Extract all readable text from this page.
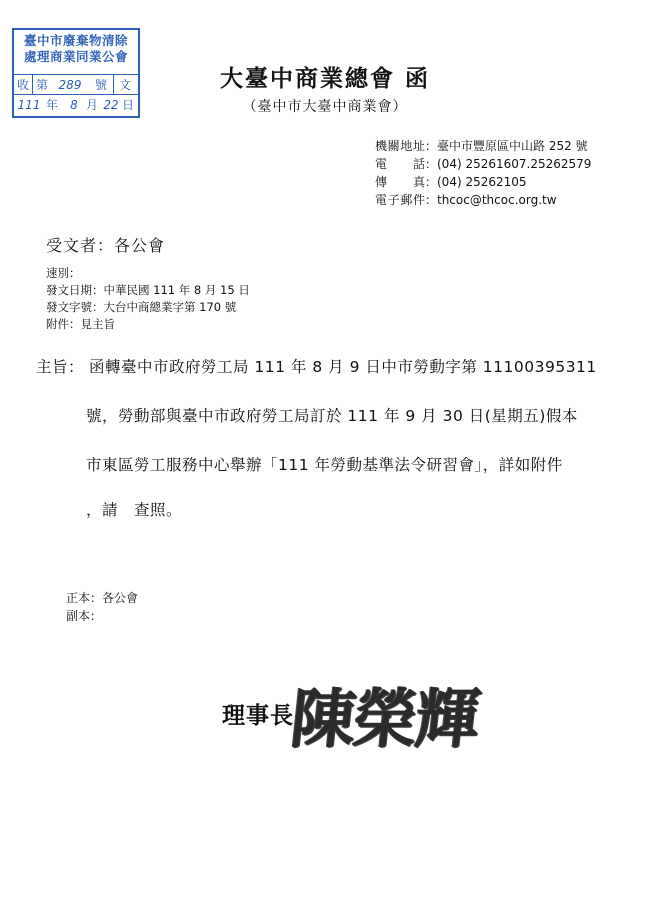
臺中市廢棄物清除
處理商業同業公會
收 第 289	號 文
111 年	8 月 22 日
大臺中商業總會 函
（臺中市大臺中商業會）
機關地址：臺中市豐原區中山路 252 號
電話：(04) 25261607.25262579
傳真：(04) 25262105
電子郵件：thcoc@thcoc.org.tw
受文者：各公會
速別：
發文日期：中華民國 111 年 8 月 15 日
發文字號：大台中商總業字第 170 號
附件：見主旨
主旨： 函轉臺中市政府勞工局 111 年 8 月 9 日中市勞動字第 11100395311
號，勞動部與臺中市政府勞工局訂於 111 年 9 月 30 日(星期五)假本
市東區勞工服務中心舉辦「111 年勞動基準法令研習會」，詳如附件
，請　查照。
正本：各公會
副本：
理事長
陳榮輝
